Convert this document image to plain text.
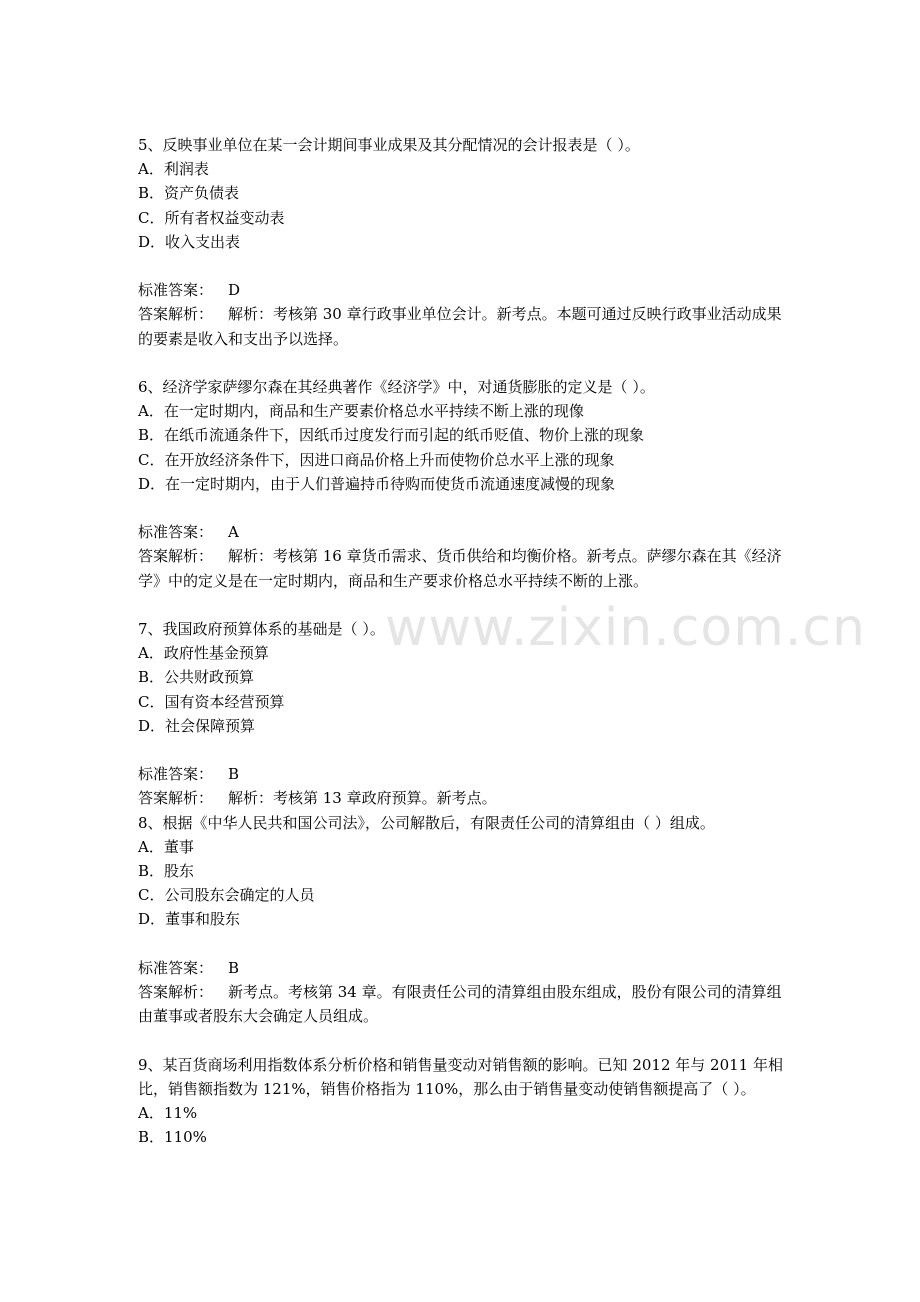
www.zixin.com.cn

5、反映事业单位在某一会计期间事业成果及其分配情况的会计报表是（ ）。

A．利润表

B．资产负债表

C．所有者权益变动表

D．收入支出表

标准答案： D

答案解析： 解析：考核第 30 章行政事业单位会计。新考点。本题可通过反映行政事业活动成果的要素是收入和支出予以选择。

6、经济学家萨缪尔森在其经典著作《经济学》中，对通货膨胀的定义是（ ）。

A．在一定时期内，商品和生产要素价格总水平持续不断上涨的现像

B．在纸币流通条件下，因纸币过度发行而引起的纸币贬值、物价上涨的现象

C．在开放经济条件下，因进口商品价格上升而使物价总水平上涨的现象

D．在一定时期内，由于人们普遍持币待购而使货币流通速度减慢的现象

标准答案： A

答案解析： 解析：考核第 16 章货币需求、货币供给和均衡价格。新考点。萨缪尔森在其《经济学》中的定义是在一定时期内，商品和生产要求价格总水平持续不断的上涨。

7、我国政府预算体系的基础是（ ）。

A．政府性基金预算

B．公共财政预算

C．国有资本经营预算

D．社会保障预算

标准答案： B

答案解析： 解析：考核第 13 章政府预算。新考点。

8、根据《中华人民共和国公司法》，公司解散后，有限责任公司的清算组由（ ）组成。

A．董事

B．股东

C．公司股东会确定的人员

D．董事和股东

标准答案： B

答案解析： 新考点。考核第 34 章。有限责任公司的清算组由股东组成，股份有限公司的清算组由董事或者股东大会确定人员组成。

9、某百货商场利用指数体系分析价格和销售量变动对销售额的影响。已知 2012 年与 2011 年相比，销售额指数为 121%，销售价格指为 110%，那么由于销售量变动使销售额提高了（ ）。

A．11%

B．110%
